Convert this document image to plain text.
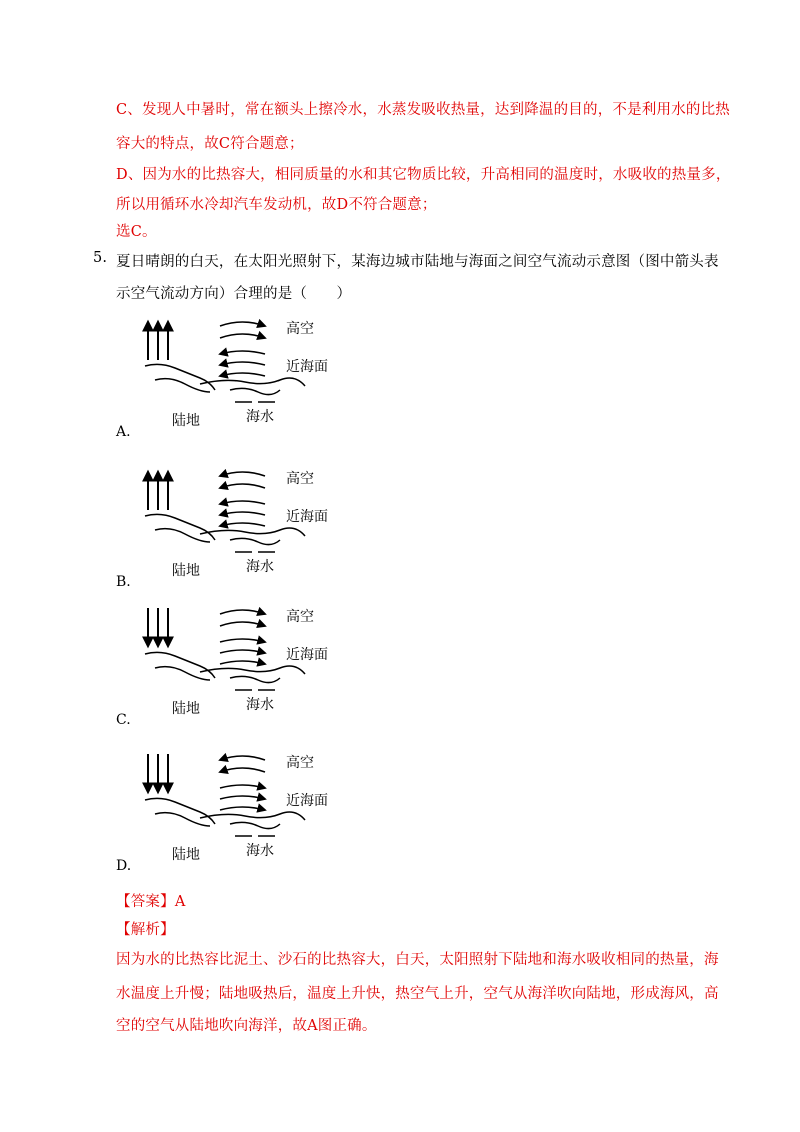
C、发现人中暑时，常在额头上擦冷水，水蒸发吸收热量，达到降温的目的，不是利用水的比热
容大的特点，故C符合题意；
D、因为水的比热容大，相同质量的水和其它物质比较，升高相同的温度时，水吸收的热量多，
所以用循环水冷却汽车发动机，故D不符合题意；
选C。
5. 夏日晴朗的白天，在太阳光照射下，某海边城市陆地与海面之间空气流动示意图（图中箭头表
示空气流动方向）合理的是（　　）
高空
近海面
陆地	海水
A.
高空
近海面
陆地	海水
B.
高空
近海面
陆地	海水
C.
高空
近海面
陆地	海水
D.
【答案】A
【解析】
因为水的比热容比泥土、沙石的比热容大，白天，太阳照射下陆地和海水吸收相同的热量，海
水温度上升慢；陆地吸热后，温度上升快，热空气上升，空气从海洋吹向陆地，形成海风，高
空的空气从陆地吹向海洋，故A图正确。
